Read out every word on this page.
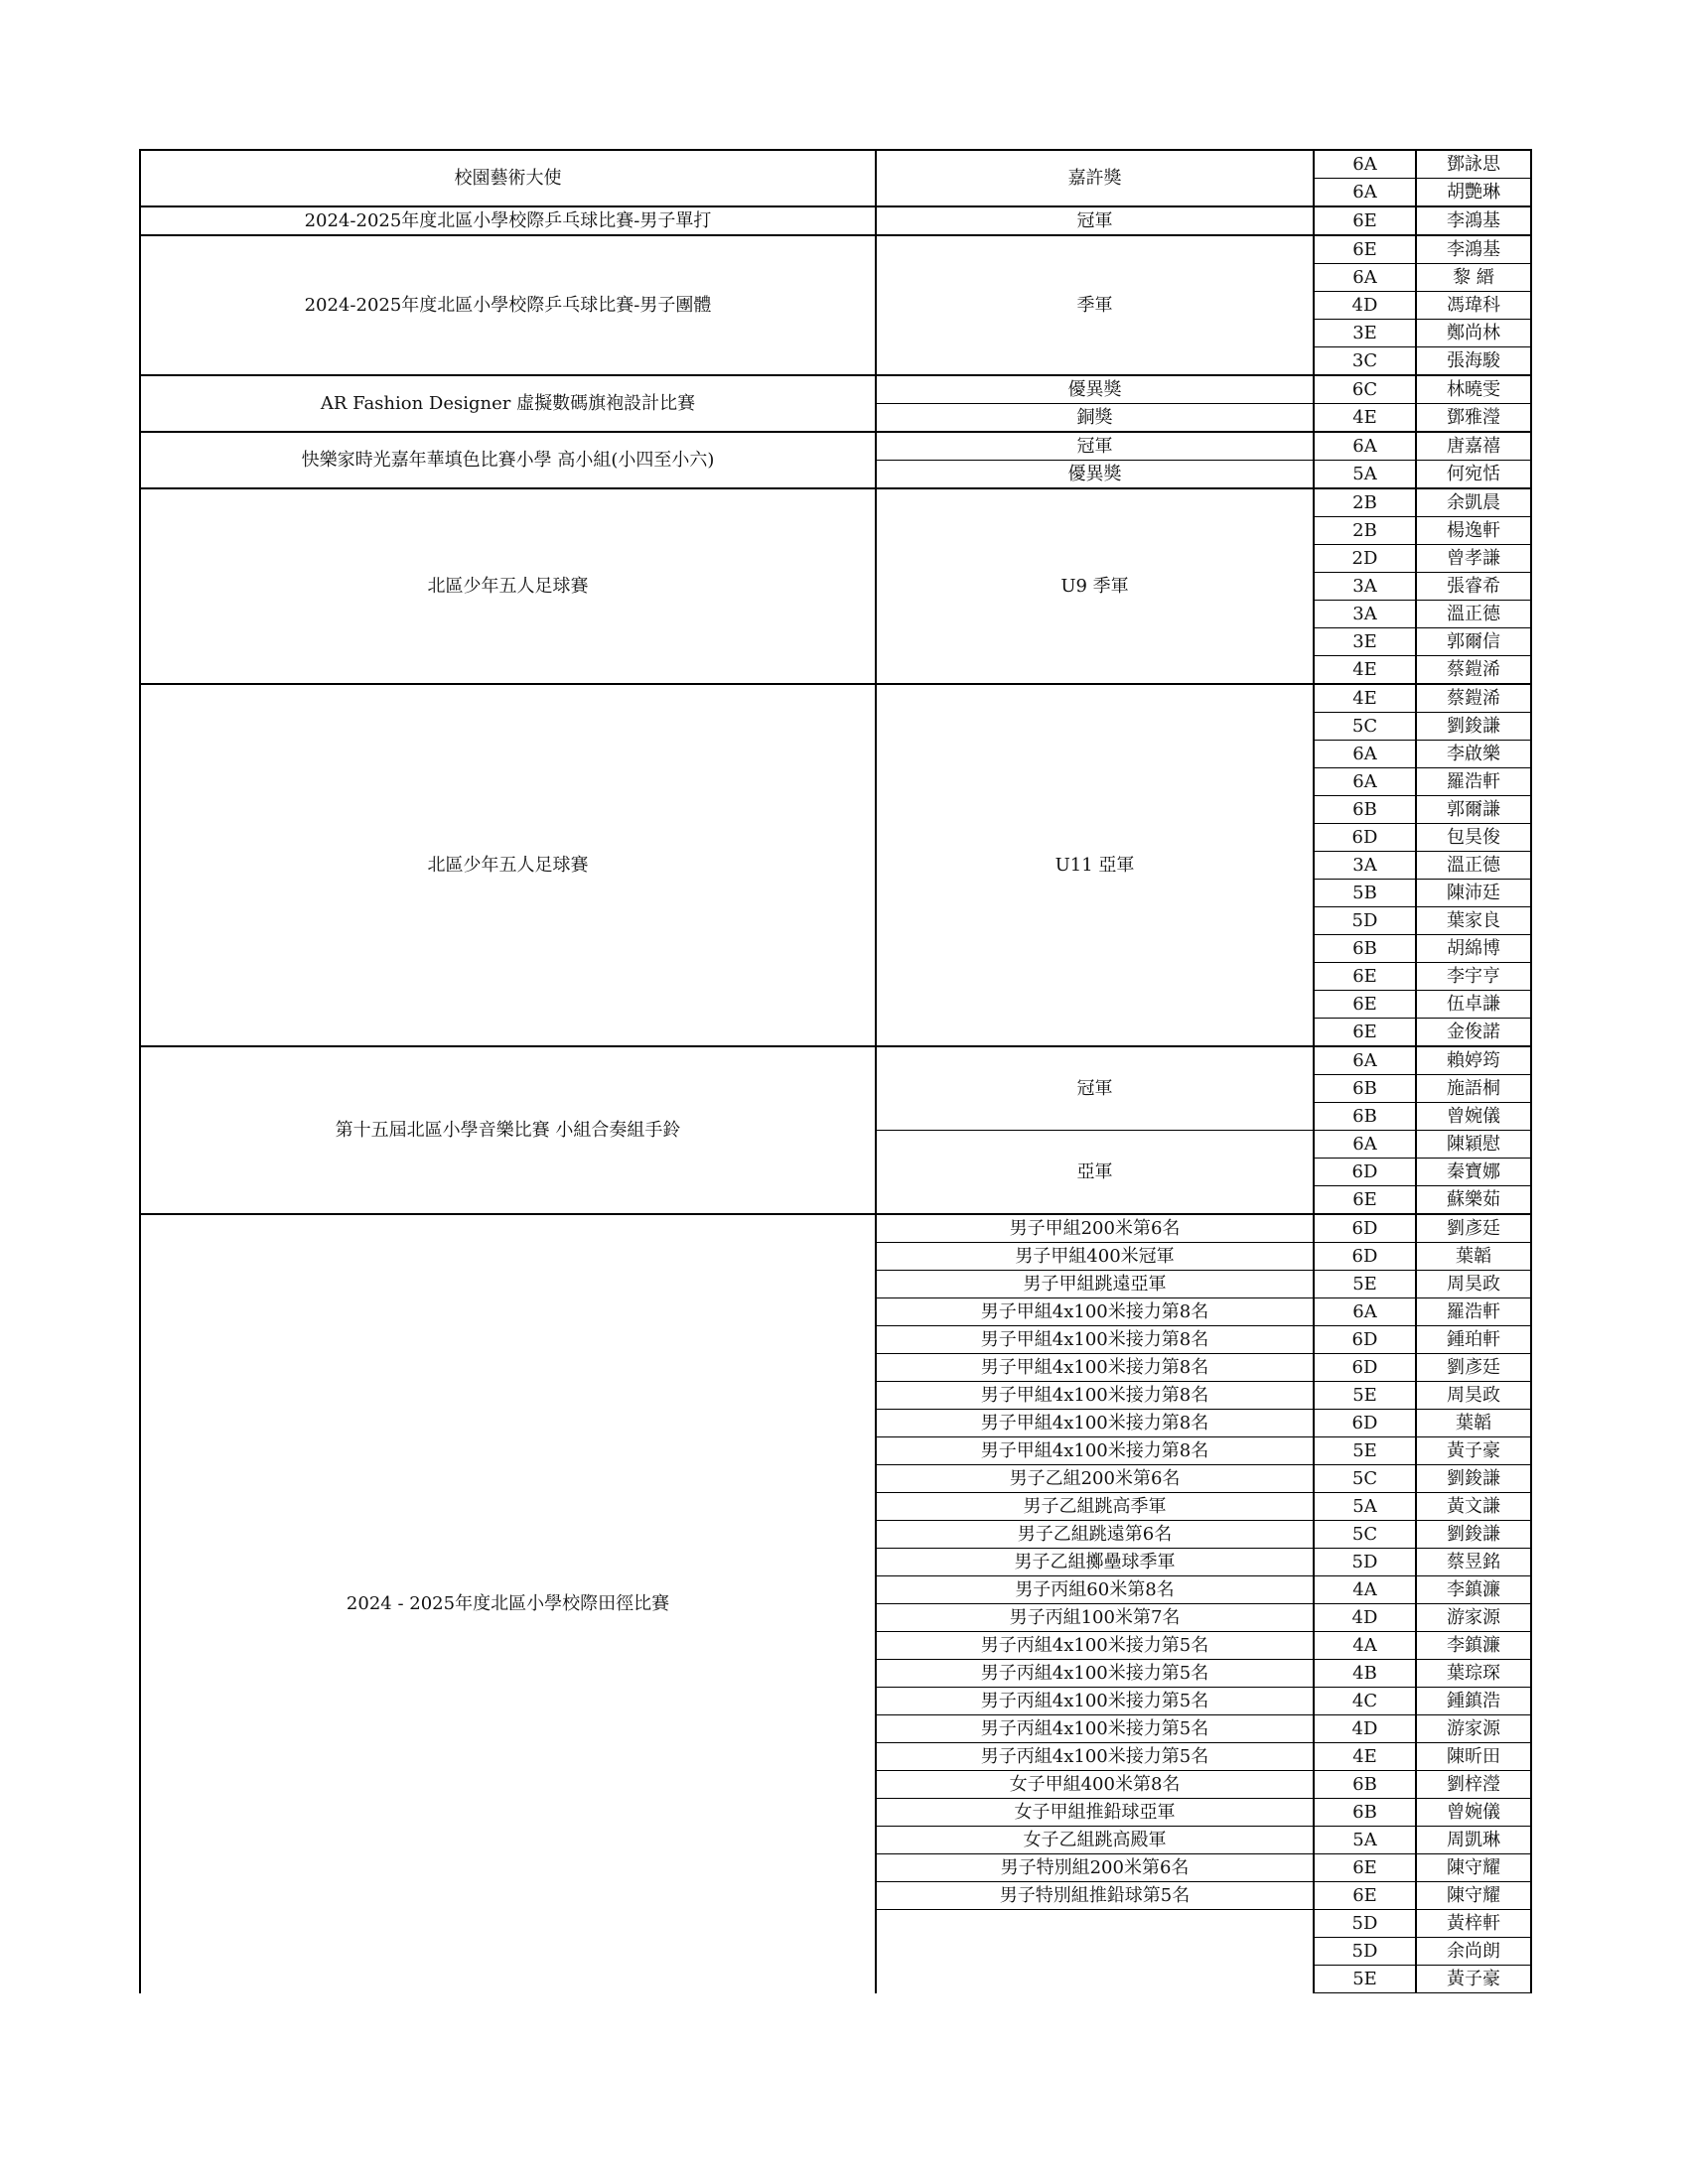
校園藝術大使	嘉許獎	6A	鄧詠思
		6A	胡艷琳
2024-2025年度北區小學校際乒乓球比賽-男子單打	冠軍	6E	李鴻基
2024-2025年度北區小學校際乒乓球比賽-男子團體	季軍	6E	李鴻基
		6A	黎 縉
		4D	馮瑋科
		3E	鄭尚林
		3C	張海駿
AR Fashion Designer 虛擬數碼旗袍設計比賽	優異獎	6C	林曉雯
	銅獎	4E	鄧雅瀅
快樂家時光嘉年華填色比賽小學 高小組(小四至小六)	冠軍	6A	唐嘉禧
	優異獎	5A	何宛恬
北區少年五人足球賽	U9 季軍	2B	余凱晨
		2B	楊逸軒
		2D	曾孝謙
		3A	張睿希
		3A	溫正德
		3E	郭爾信
		4E	蔡鎧浠
北區少年五人足球賽	U11 亞軍	4E	蔡鎧浠
		5C	劉鋑謙
		6A	李啟樂
		6A	羅浩軒
		6B	郭爾謙
		6D	包昊俊
		3A	溫正德
		5B	陳沛廷
		5D	葉家良
		6B	胡綿博
		6E	李宇亨
		6E	伍卓謙
		6E	金俊諾
第十五屆北區小學音樂比賽 小組合奏組手鈴	冠軍	6A	賴婷筠
		6B	施語桐
		6B	曾婉儀
	亞軍	6A	陳穎慰
		6D	秦寶娜
		6E	蘇樂茹
2024 - 2025年度北區小學校際田徑比賽	男子甲組200米第6名	6D	劉彥廷
	男子甲組400米冠軍	6D	葉韜
	男子甲組跳遠亞軍	5E	周昊政
	男子甲組4x100米接力第8名	6A	羅浩軒
	男子甲組4x100米接力第8名	6D	鍾珀軒
	男子甲組4x100米接力第8名	6D	劉彥廷
	男子甲組4x100米接力第8名	5E	周昊政
	男子甲組4x100米接力第8名	6D	葉韜
	男子甲組4x100米接力第8名	5E	黃子豪
	男子乙組200米第6名	5C	劉鋑謙
	男子乙組跳高季軍	5A	黃文謙
	男子乙組跳遠第6名	5C	劉鋑謙
	男子乙組擲壘球季軍	5D	蔡昱銘
	男子丙組60米第8名	4A	李鎮濂
	男子丙組100米第7名	4D	游家源
	男子丙組4x100米接力第5名	4A	李鎮濂
	男子丙組4x100米接力第5名	4B	葉琮琛
	男子丙組4x100米接力第5名	4C	鍾鎮浩
	男子丙組4x100米接力第5名	4D	游家源
	男子丙組4x100米接力第5名	4E	陳昕田
	女子甲組400米第8名	6B	劉梓瀅
	女子甲組推鉛球亞軍	6B	曾婉儀
	女子乙組跳高殿軍	5A	周凱琳
	男子特別組200米第6名	6E	陳守耀
	男子特別組推鉛球第5名	6E	陳守耀
		5D	黃梓軒
		5D	余尚朗
		5E	黃子豪
